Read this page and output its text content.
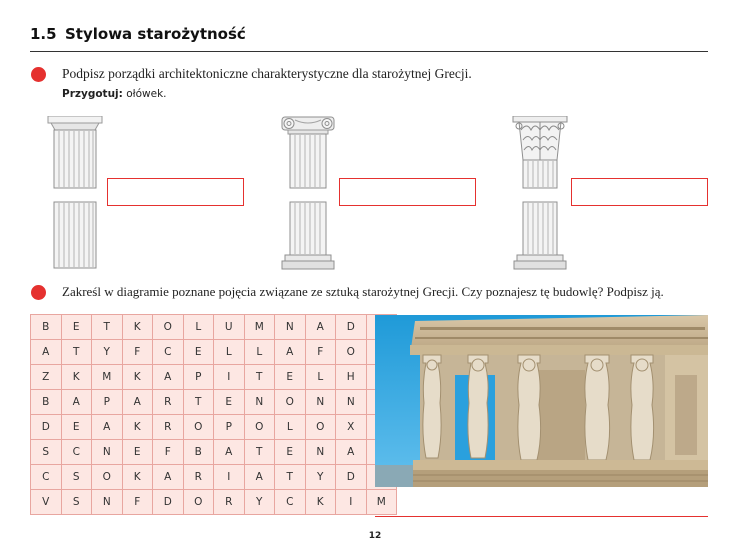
1.5 Stylowa starożytność
Podpisz porządki architektoniczne charakterystyczne dla starożytnej Grecji.
Przygotuj: ołówek.
Zakreśl w diagramie poznane pojęcia związane ze sztuką starożytnej Grecji. Czy poznajesz tę budowlę? Podpisz ją.
B	E	T	K	O	L	U	M	N	A	D	
A	T	Y	F	C	E	L	L	A	F	O	
Z	K	M	K	A	P	I	T	E	L	H	
B	A	P	A	R	T	E	N	O	N	N	
D	E	A	K	R	O	P	O	L	O	X	
S	C	N	E	F	B	A	T	E	N	A	
C	S	O	K	A	R	I	A	T	Y	D	
V	S	N	F	D	O	R	Y	C	K	I	M
12
